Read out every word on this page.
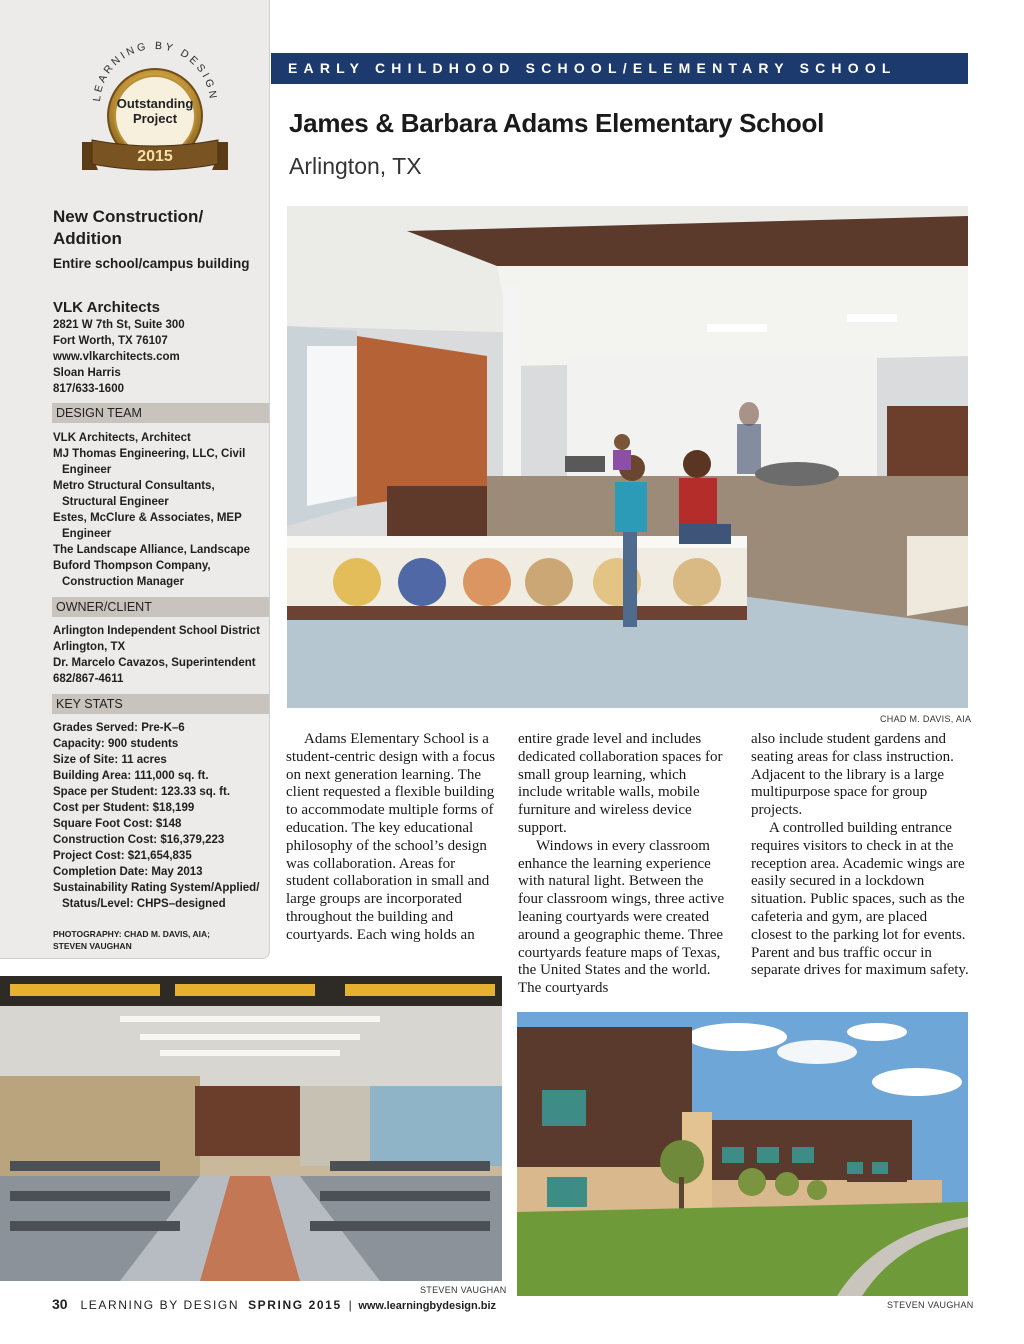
LEARNING BY DESIGN
Outstanding
Project
2015
New Construction/
Addition
Entire school/campus building
VLK Architects
2821 W 7th St, Suite 300
Fort Worth, TX 76107
www.vlkarchitects.com
Sloan Harris
817/633-1600
DESIGN TEAM
VLK Architects, Architect
MJ Thomas Engineering, LLC, Civil
Engineer
Metro Structural Consultants,
Structural Engineer
Estes, McClure & Associates, MEP
Engineer
The Landscape Alliance, Landscape
Buford Thompson Company,
Construction Manager
OWNER/CLIENT
Arlington Independent School District
Arlington, TX
Dr. Marcelo Cavazos, Superintendent
682/867-4611
KEY STATS
Grades Served: Pre-K–6
Capacity: 900 students
Size of Site: 11 acres
Building Area: 111,000 sq. ft.
Space per Student: 123.33 sq. ft.
Cost per Student: $18,199
Square Foot Cost: $148
Construction Cost: $16,379,223
Project Cost: $21,654,835
Completion Date: May 2013
Sustainability Rating System/Applied/
Status/Level: CHPS–designed
PHOTOGRAPHY: CHAD M. DAVIS, AIA;
STEVEN VAUGHAN
EARLY CHILDHOOD SCHOOL/ELEMENTARY SCHOOL
James & Barbara Adams Elementary School
Arlington, TX
CHAD M. DAVIS, AIA

Adams Elementary School is a student-centric design with a focus on next generation learning. The client requested a flexible building to accommodate multiple forms of education. The key educational philosophy of the school’s design was collaboration. Areas for student collaboration in small and large groups are incorporated throughout the building and courtyards. Each wing holds an

entire grade level and includes dedicated collaboration spaces for small group learning, which include writable walls, mobile furniture and wireless device support.

Windows in every classroom enhance the learning experience with natural light. Between the four classroom wings, three active leaning courtyards were created around a geographic theme. Three courtyards feature maps of Texas, the United States and the world. The courtyards

also include student gardens and seating areas for class instruction. Adjacent to the library is a large multipurpose space for group projects.

A controlled building entrance requires visitors to check in at the reception area. Academic wings are easily secured in a lockdown situation. Public spaces, such as the cafeteria and gym, are placed closest to the parking lot for events. Parent and bus traffic occur in separate drives for maximum safety.

STEVEN VAUGHAN
STEVEN VAUGHAN
30 LEARNING BY DESIGN SPRING 2015 | www.learningbydesign.biz
